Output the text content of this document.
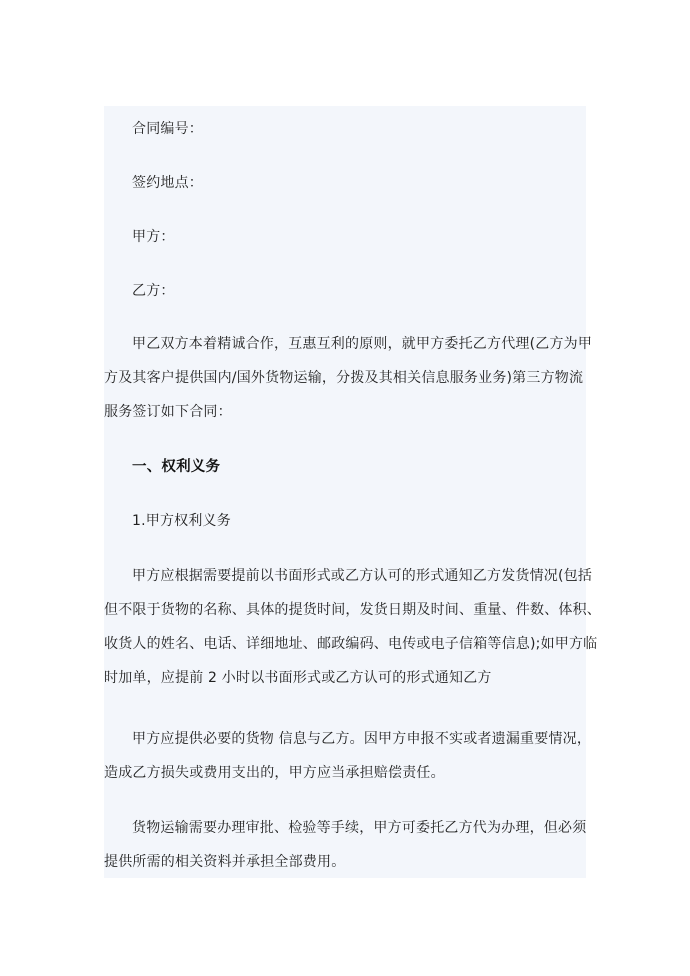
合同编号：
签约地点：
甲方：
乙方：
甲乙双方本着精诚合作，互惠互利的原则，就甲方委托乙方代理(乙方为甲
方及其客户提供国内/国外货物运输，分拨及其相关信息服务业务)第三方物流
服务签订如下合同：
一、权利义务
1.甲方权利义务
甲方应根据需要提前以书面形式或乙方认可的形式通知乙方发货情况(包括
但不限于货物的名称、具体的提货时间，发货日期及时间、重量、件数、体积、
收货人的姓名、电话、详细地址、邮政编码、电传或电子信箱等信息);如甲方临
时加单，应提前 2 小时以书面形式或乙方认可的形式通知乙方
甲方应提供必要的货物 信息与乙方。因甲方申报不实或者遗漏重要情况，
造成乙方损失或费用支出的，甲方应当承担赔偿责任。
货物运输需要办理审批、检验等手续，甲方可委托乙方代为办理，但必须
提供所需的相关资料并承担全部费用。
